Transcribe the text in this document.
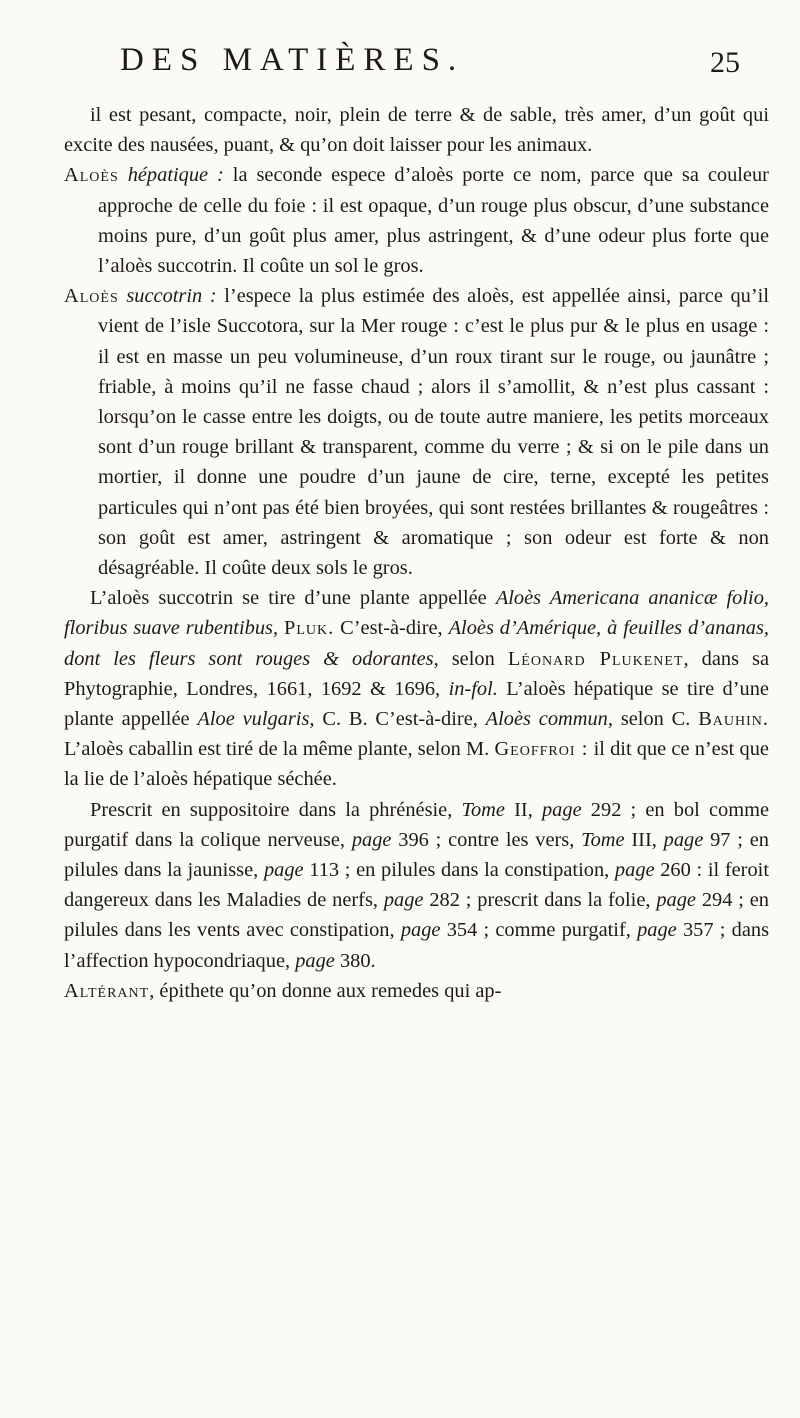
DES MATIÈRES.	25

il est pesant, compacte, noir, plein de terre & de sable, très amer, d’un goût qui excite des nausées, puant, & qu’on doit laisser pour les animaux.

Aloès hépatique : la seconde espece d’aloès porte ce nom, parce que sa couleur approche de celle du foie : il est opaque, d’un rouge plus obscur, d’une substance moins pure, d’un goût plus amer, plus astringent, & d’une odeur plus forte que l’aloès succotrin. Il coûte un sol le gros.

Aloès succotrin : l’espece la plus estimée des aloès, est appellée ainsi, parce qu’il vient de l’isle Succotora, sur la Mer rouge : c’est le plus pur & le plus en usage : il est en masse un peu volumineuse, d’un roux tirant sur le rouge, ou jaunâtre ; friable, à moins qu’il ne fasse chaud ; alors il s’amollit, & n’est plus cassant : lorsqu’on le casse entre les doigts, ou de toute autre maniere, les petits morceaux sont d’un rouge brillant & transparent, comme du verre ; & si on le pile dans un mortier, il donne une poudre d’un jaune de cire, terne, excepté les petites particules qui n’ont pas été bien broyées, qui sont restées brillantes & rougeâtres : son goût est amer, astringent & aromatique ; son odeur est forte & non désagréable. Il coûte deux sols le gros.

L’aloès succotrin se tire d’une plante appellée Aloès Americana ananicæ folio, floribus suave rubentibus, Pluk. C’est-à-dire, Aloès d’Amérique, à feuilles d’ananas, dont les fleurs sont rouges & odorantes, selon Léonard Plukenet, dans sa Phytographie, Londres, 1661, 1692 & 1696, in-fol. L’aloès hépatique se tire d’une plante appellée Aloe vulgaris, C. B. C’est-à-dire, Aloès commun, selon C. Bauhin. L’aloès caballin est tiré de la même plante, selon M. Geoffroi : il dit que ce n’est que la lie de l’aloès hépatique séchée.

Prescrit en suppositoire dans la phrénésie, Tome II, page 292 ; en bol comme purgatif dans la colique nerveuse, page 396 ; contre les vers, Tome III, page 97 ; en pilules dans la jaunisse, page 113 ; en pilules dans la constipation, page 260 : il feroit dangereux dans les Maladies de nerfs, page 282 ; prescrit dans la folie, page 294 ; en pilules dans les vents avec constipation, page 354 ; comme purgatif, page 357 ; dans l’affection hypocondriaque, page 380.

Altérant, épithete qu’on donne aux remedes qui ap-
